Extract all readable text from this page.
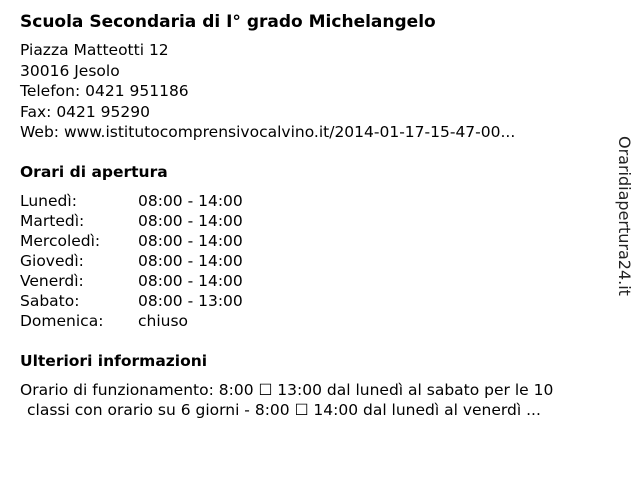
Scuola Secondaria di I° grado Michelangelo
Piazza Matteotti 12
30016 Jesolo
Telefon: 0421 951186
Fax: 0421 95290
Web: www.istitutocomprensivocalvino.it/2014-01-17-15-47-00...
Orari di apertura
Lunedì:	08:00 - 14:00
Martedì:	08:00 - 14:00
Mercoledì: 08:00 - 14:00
Giovedì:	08:00 - 14:00
Venerdì:	08:00 - 14:00
Sabato:	08:00 - 13:00
Domenica: chiuso
Ulteriori informazioni
Orario di funzionamento: 8:00 ☐ 13:00 dal lunedì al sabato per le 10
classi con orario su 6 giorni - 8:00 ☐ 14:00 dal lunedì al venerdì ...
Oraridiapertura24.it
